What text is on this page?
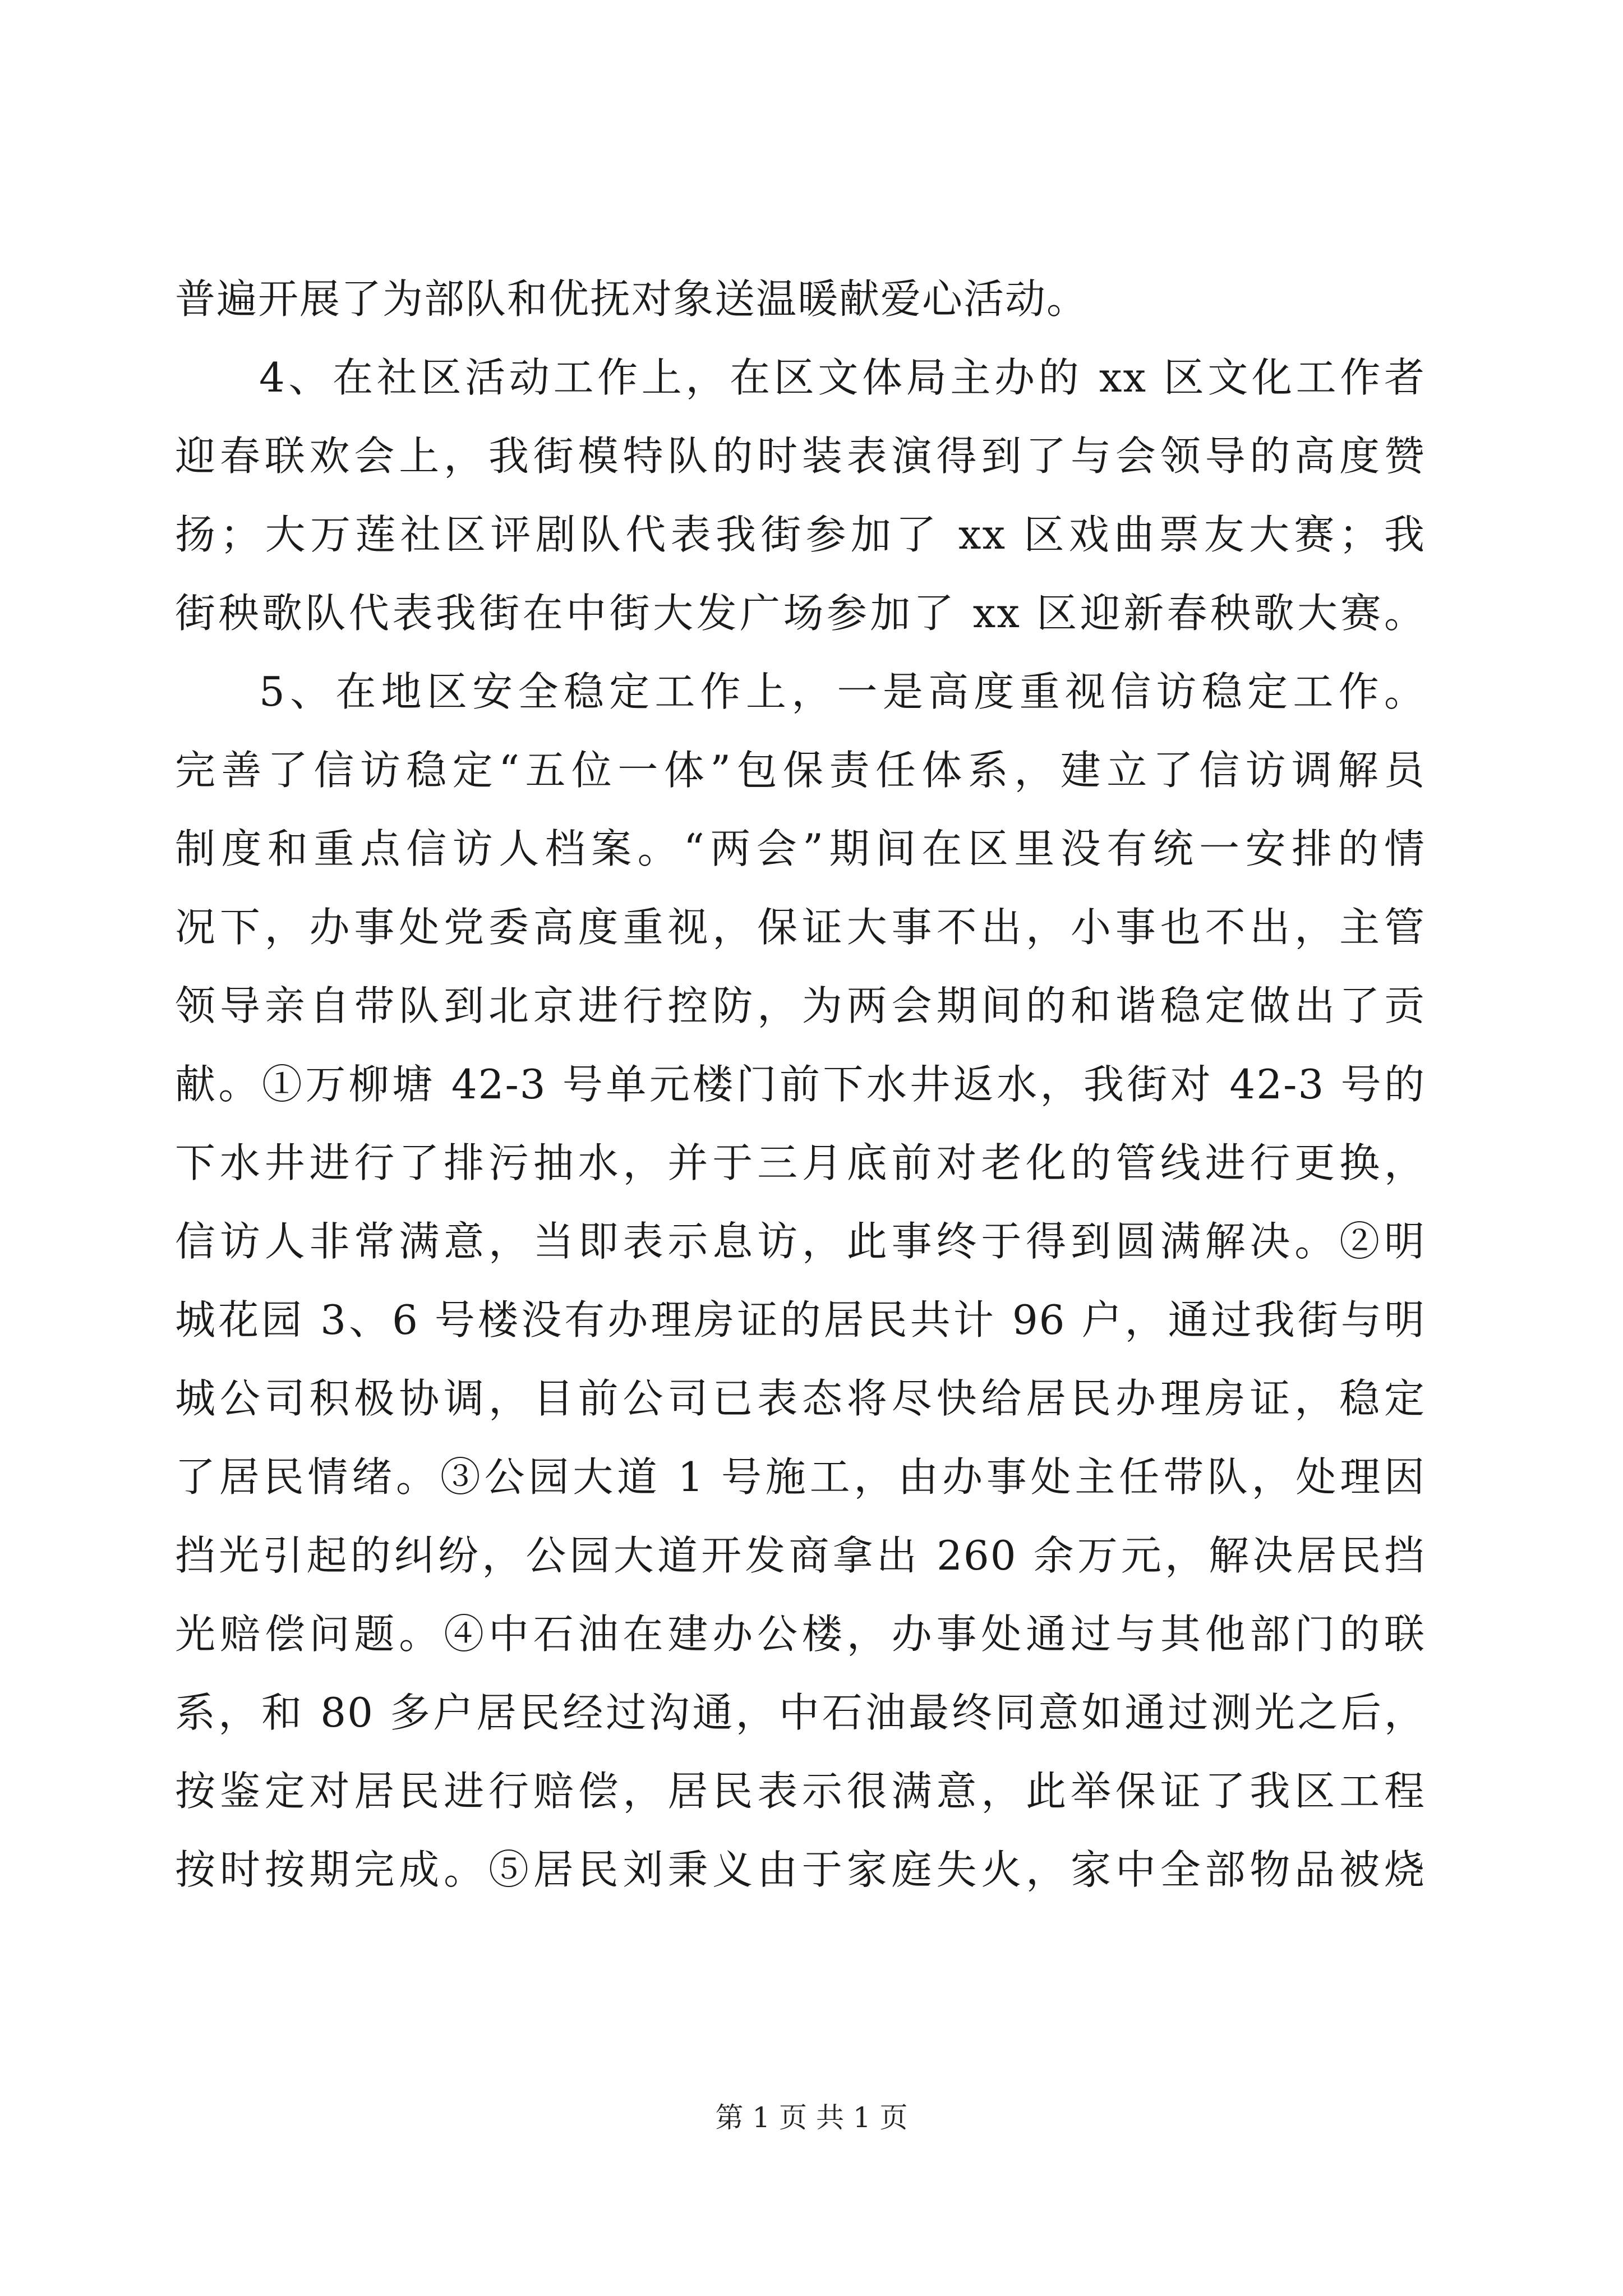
普遍开展了为部队和优抚对象送温暖献爱心活动。
4、在社区活动工作上，在区文体局主办的 xx 区文化工作者
迎春联欢会上，我街模特队的时装表演得到了与会领导的高度赞
扬；大万莲社区评剧队代表我街参加了 xx 区戏曲票友大赛；我
街秧歌队代表我街在中街大发广场参加了 xx 区迎新春秧歌大赛。
5、在地区安全稳定工作上，一是高度重视信访稳定工作。
完善了信访稳定“五位一体”包保责任体系，建立了信访调解员
制度和重点信访人档案。“两会”期间在区里没有统一安排的情
况下，办事处党委高度重视，保证大事不出，小事也不出，主管
领导亲自带队到北京进行控防，为两会期间的和谐稳定做出了贡
献。①万柳塘 42-3 号单元楼门前下水井返水，我街对 42-3 号的
下水井进行了排污抽水，并于三月底前对老化的管线进行更换，
信访人非常满意，当即表示息访，此事终于得到圆满解决。②明
城花园 3、6 号楼没有办理房证的居民共计 96 户，通过我街与明
城公司积极协调，目前公司已表态将尽快给居民办理房证，稳定
了居民情绪。③公园大道 1 号施工，由办事处主任带队，处理因
挡光引起的纠纷，公园大道开发商拿出 260 余万元，解决居民挡
光赔偿问题。④中石油在建办公楼，办事处通过与其他部门的联
系，和 80 多户居民经过沟通，中石油最终同意如通过测光之后，
按鉴定对居民进行赔偿，居民表示很满意，此举保证了我区工程
按时按期完成。⑤居民刘秉义由于家庭失火，家中全部物品被烧
第 1 页 共 1 页
